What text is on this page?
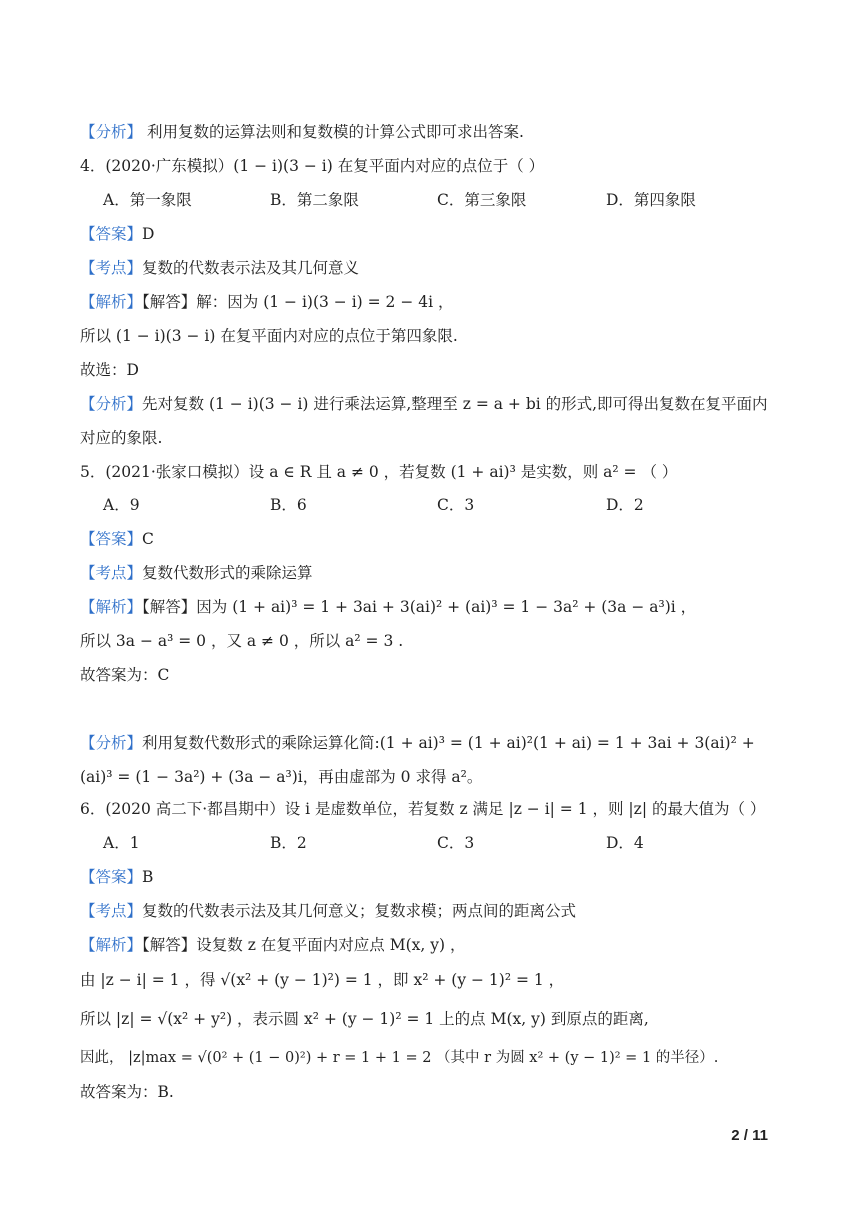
【分析】 利用复数的运算法则和复数模的计算公式即可求出答案.
4．(2020·广东模拟）(1 − i)(3 − i) 在复平面内对应的点位于（ ）
A．第一象限	B．第二象限	C．第三象限	D．第四象限
【答案】D
【考点】复数的代数表示法及其几何意义
【解析】【解答】解：因为 (1 − i)(3 − i) = 2 − 4i ，
所以 (1 − i)(3 − i) 在复平面内对应的点位于第四象限.
故选：D
【分析】先对复数 (1 − i)(3 − i) 进行乘法运算,整理至 z = a + bi 的形式,即可得出复数在复平面内
对应的象限.
5．(2021·张家口模拟）设 a ∈ R 且 a ≠ 0 ，若复数 (1 + ai)³ 是实数，则 a² = （ ）
A．9	B．6	C．3	D．2
【答案】C
【考点】复数代数形式的乘除运算
【解析】【解答】因为 (1 + ai)³ = 1 + 3ai + 3(ai)² + (ai)³ = 1 − 3a² + (3a − a³)i ，
所以 3a − a³ = 0 ，又 a ≠ 0 ，所以 a² = 3 .
故答案为：C
【分析】利用复数代数形式的乘除运算化简:(1 + ai)³ = (1 + ai)²(1 + ai) = 1 + 3ai + 3(ai)² +
(ai)³ = (1 − 3a²) + (3a − a³)i，再由虚部为 0 求得 a²。
6．(2020 高二下·都昌期中）设 i 是虚数单位，若复数 z 满足 |z − i| = 1 ，则 |z| 的最大值为（ ）
A．1	B．2	C．3	D．4
【答案】B
【考点】复数的代数表示法及其几何意义；复数求模；两点间的距离公式
【解析】【解答】设复数 z 在复平面内对应点 M(x, y) ，
由 |z − i| = 1 ，得 √(x² + (y − 1)²) = 1 ，即 x² + (y − 1)² = 1 ，
所以 |z| = √(x² + y²) ，表示圆 x² + (y − 1)² = 1 上的点 M(x, y) 到原点的距离,
因此， |z|max = √(0² + (1 − 0)²) + r = 1 + 1 = 2 （其中 r 为圆 x² + (y − 1)² = 1 的半径）.
故答案为：B.
2 / 11
